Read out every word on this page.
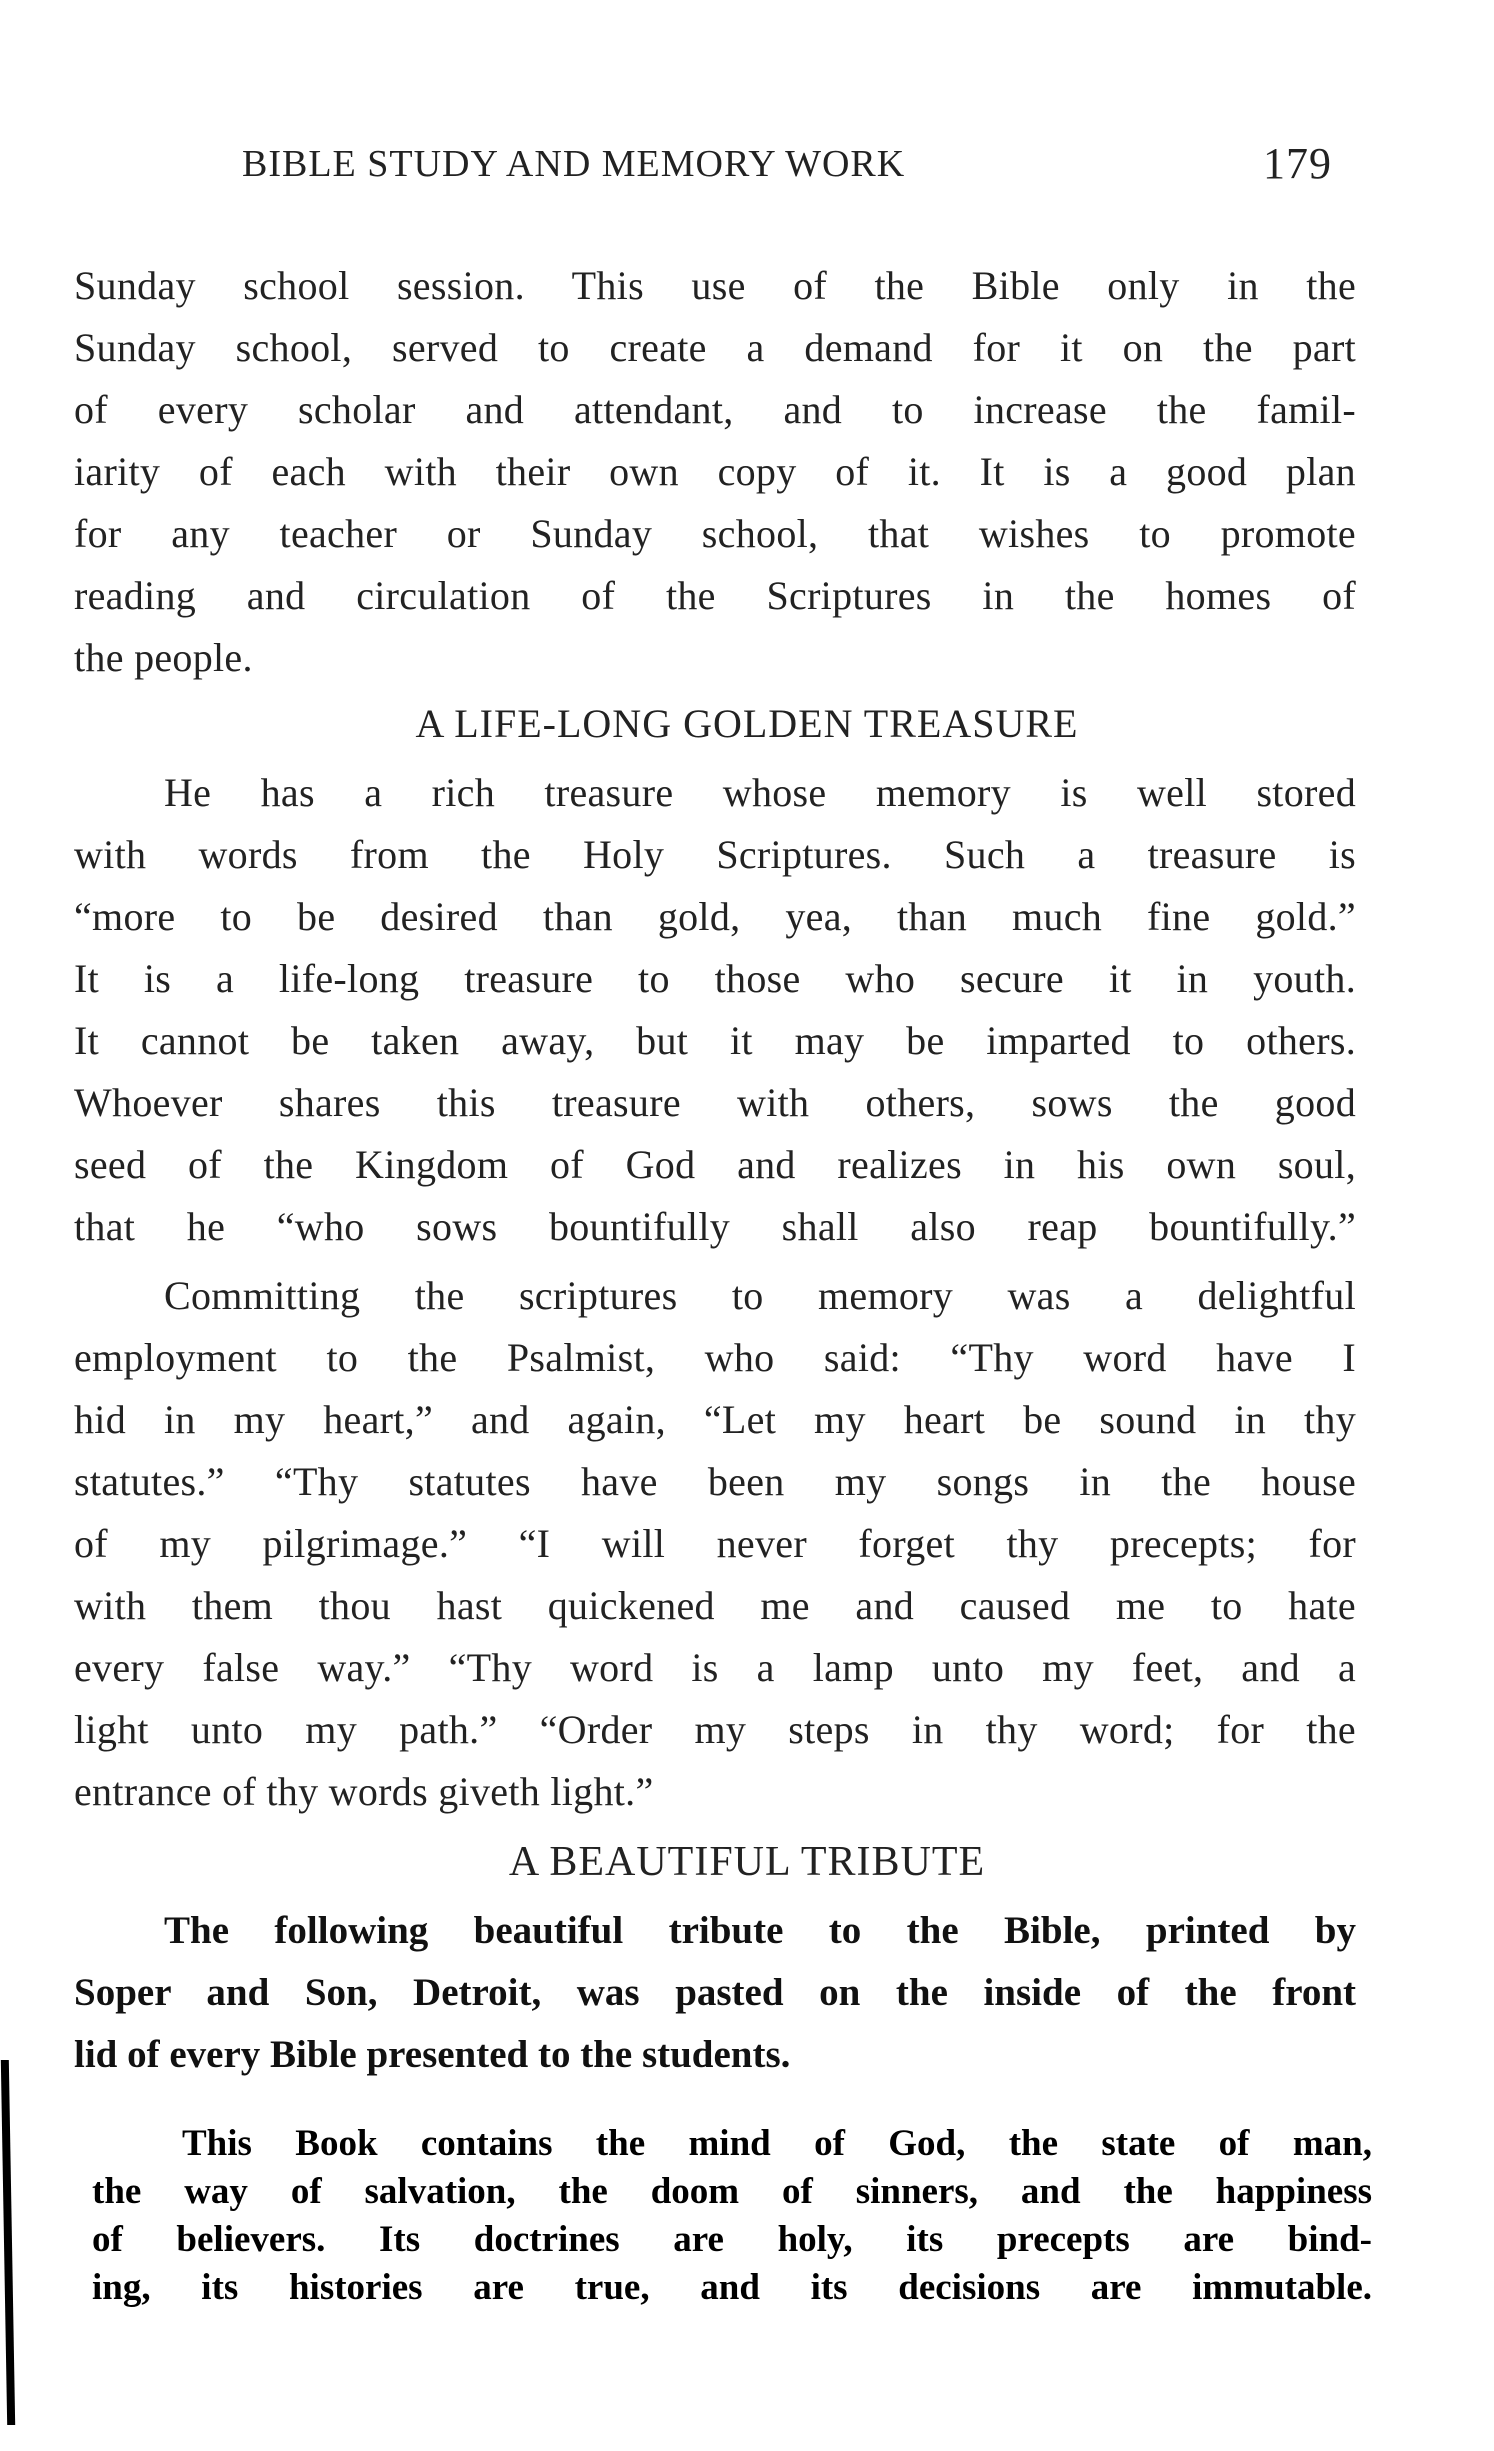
BIBLE STUDY AND MEMORY WORK	179
Sunday school session. This use of the Bible only in the
Sunday school, served to create a demand for it on the part
of every scholar and attendant, and to increase the famil-
iarity of each with their own copy of it. It is a good plan
for any teacher or Sunday school, that wishes to promote
reading and circulation of the Scriptures in the homes of
the people.
A LIFE-LONG GOLDEN TREASURE
He has a rich treasure whose memory is well stored
with words from the Holy Scriptures. Such a treasure is
“more to be desired than gold, yea, than much fine gold.”
It is a life-long treasure to those who secure it in youth.
It cannot be taken away, but it may be imparted to others.
Whoever shares this treasure with others, sows the good
seed of the Kingdom of God and realizes in his own soul,
that he “who sows bountifully shall also reap bountifully.”
Committing the scriptures to memory was a delightful
employment to the Psalmist, who said: “Thy word have I
hid in my heart,” and again, “Let my heart be sound in thy
statutes.” “Thy statutes have been my songs in the house
of my pilgrimage.” “I will never forget thy precepts; for
with them thou hast quickened me and caused me to hate
every false way.” “Thy word is a lamp unto my feet, and a
light unto my path.” “Order my steps in thy word; for the
entrance of thy words giveth light.”
A BEAUTIFUL TRIBUTE
The following beautiful tribute to the Bible, printed by
Soper and Son, Detroit, was pasted on the inside of the front
lid of every Bible presented to the students.
This Book contains the mind of God, the state of man,
the way of salvation, the doom of sinners, and the happiness
of believers. Its doctrines are holy, its precepts are bind-
ing, its histories are true, and its decisions are immutable.
